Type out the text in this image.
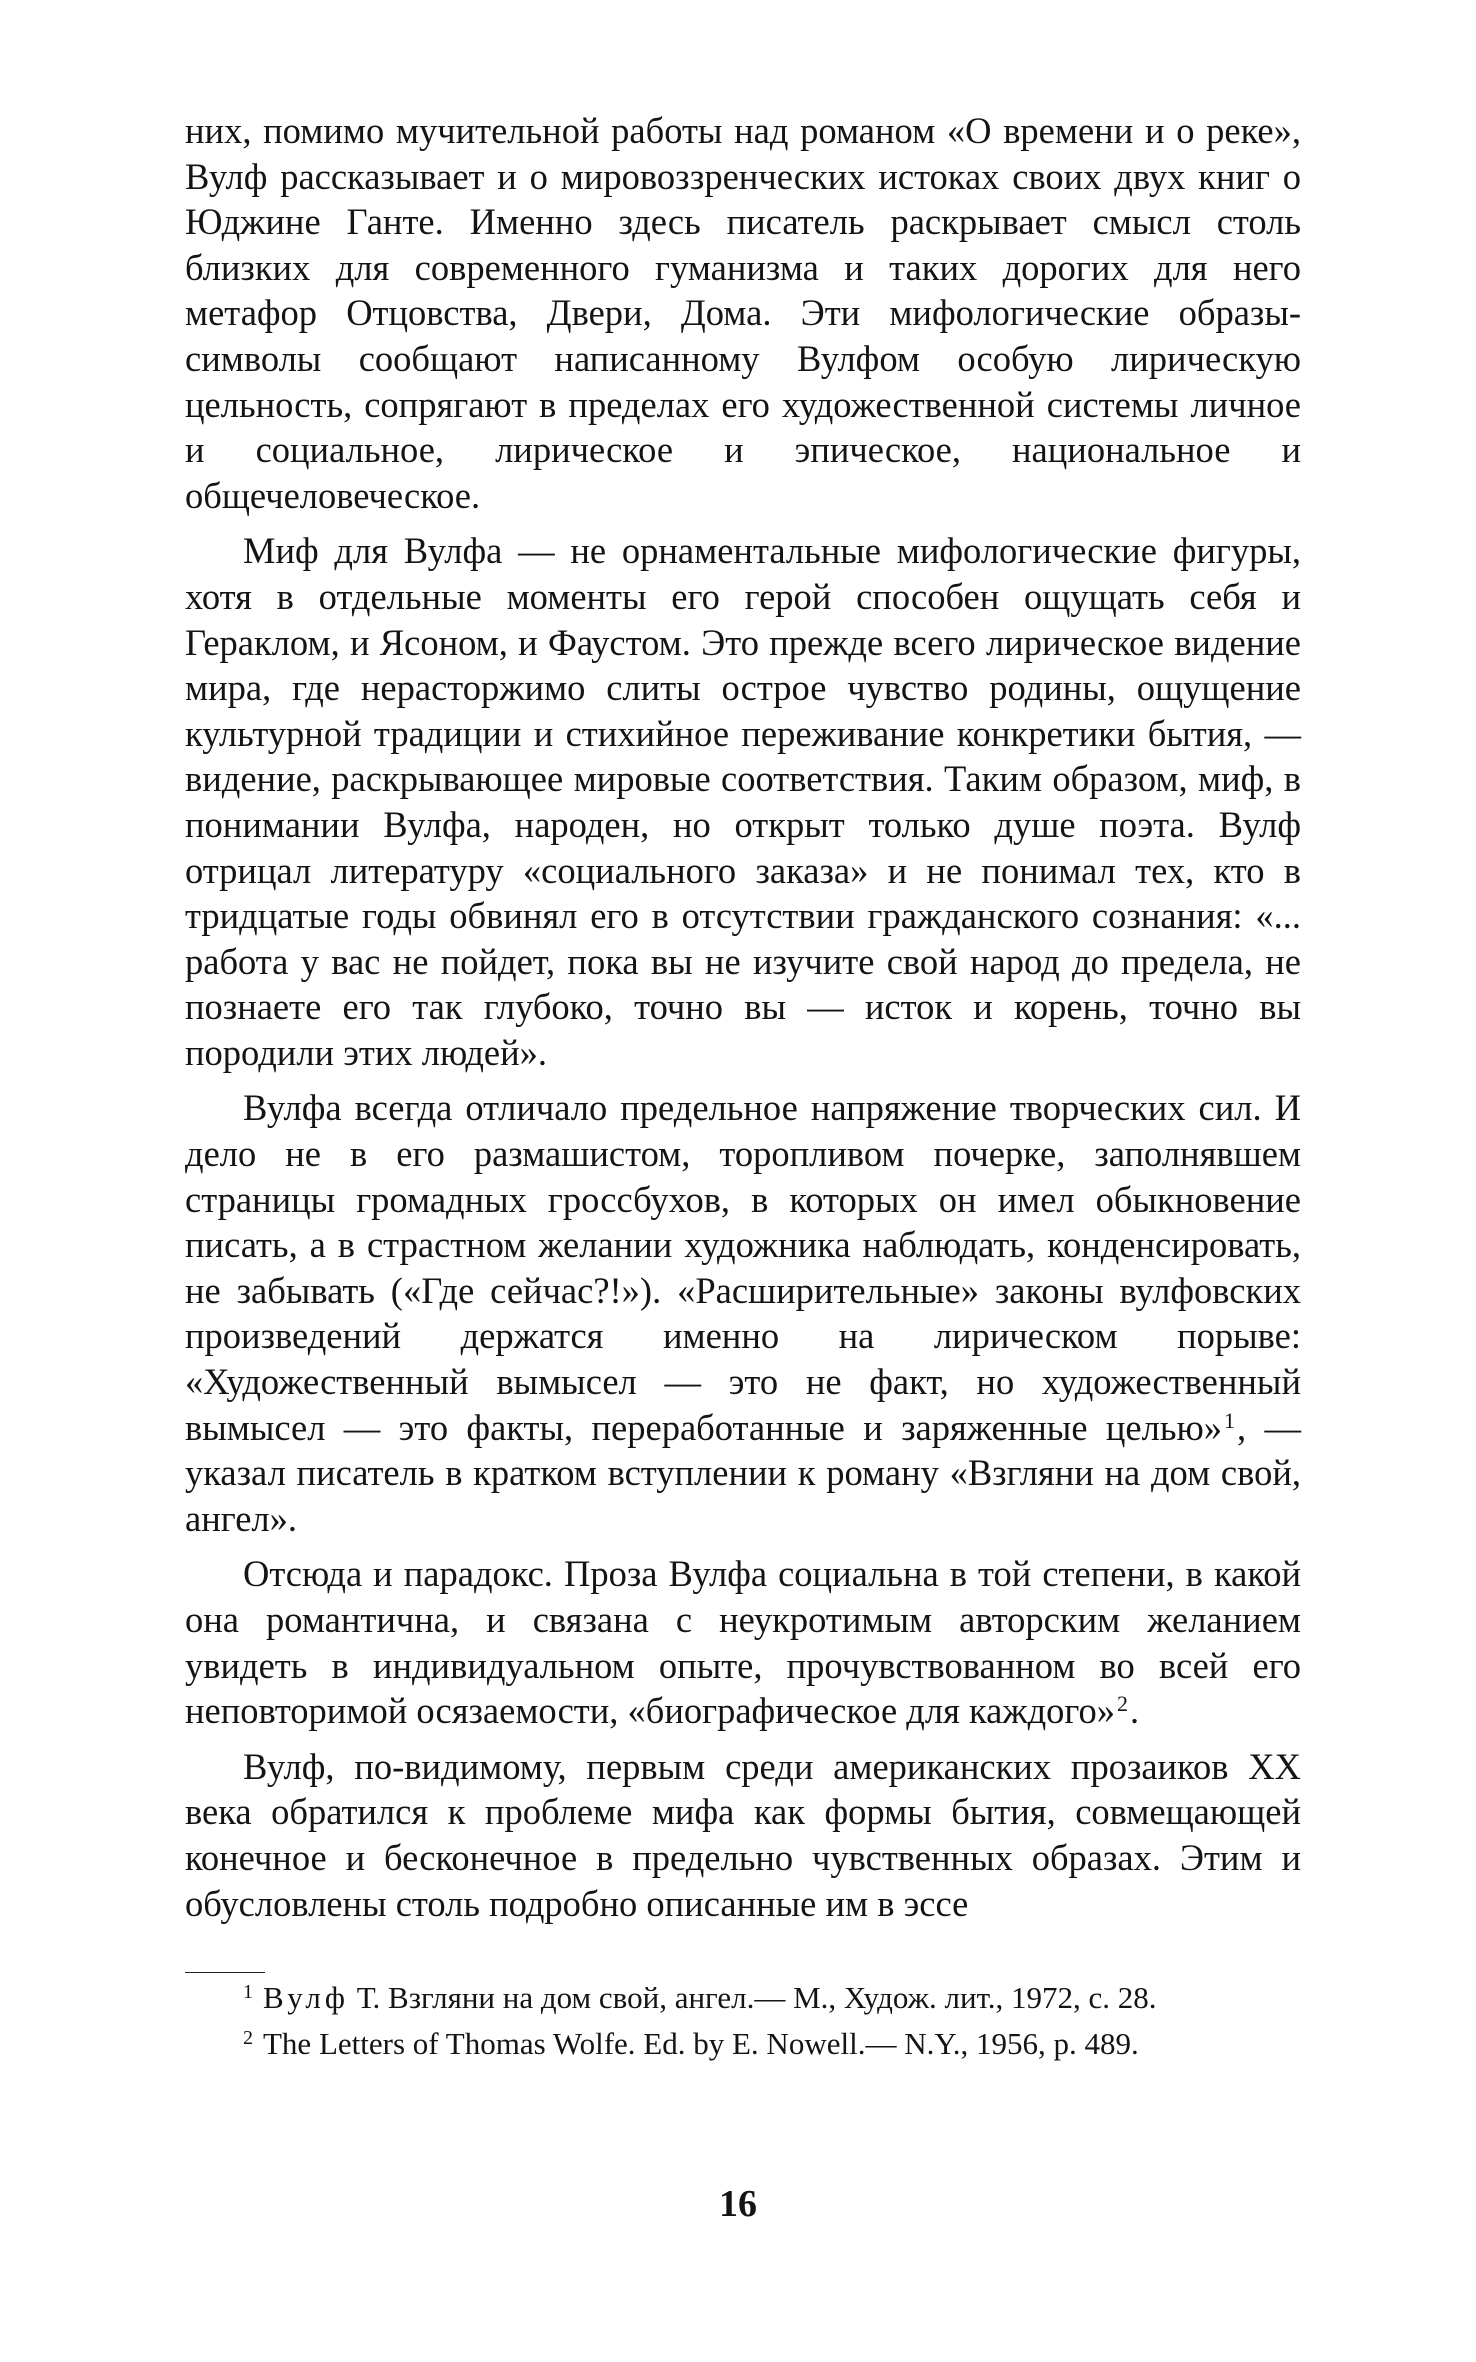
них, помимо мучительной работы над романом «О времени и о реке», Вулф рассказывает и о мировоззренческих истоках своих двух книг о Юджине Ганте. Именно здесь писатель раскрывает смысл столь близких для современного гуманизма и таких дорогих для него метафор Отцовства, Двери, Дома. Эти мифологические образы-символы сообщают написанному Вулфом особую лирическую цельность, сопрягают в пределах его художественной системы личное и социальное, лирическое и эпическое, национальное и общечеловеческое.

Миф для Вулфа — не орнаментальные мифологические фигуры, хотя в отдельные моменты его герой способен ощущать себя и Гераклом, и Ясоном, и Фаустом. Это прежде всего лирическое видение мира, где нерасторжимо слиты острое чувство родины, ощущение культурной традиции и стихийное переживание конкретики бытия, — видение, раскрывающее мировые соответствия. Таким образом, миф, в понимании Вулфа, народен, но открыт только душе поэта. Вулф отрицал литературу «социального заказа» и не понимал тех, кто в тридцатые годы обвинял его в отсутствии гражданского сознания: «... работа у вас не пойдет, пока вы не изучите свой народ до предела, не познаете его так глубоко, точно вы — исток и корень, точно вы породили этих людей».

Вулфа всегда отличало предельное напряжение творческих сил. И дело не в его размашистом, торопливом почерке, заполнявшем страницы громадных гроссбухов, в которых он имел обыкновение писать, а в страстном желании художника наблюдать, конденсировать, не забывать («Где сейчас?!»). «Расширительные» законы вулфовских произведений держатся именно на лирическом порыве: «Художественный вымысел — это не факт, но художественный вымысел — это факты, переработанные и заряженные целью»$^1$, — указал писатель в кратком вступлении к роману «Взгляни на дом свой, ангел».

Отсюда и парадокс. Проза Вулфа социальна в той степени, в какой она романтична, и связана с неукротимым авторским желанием увидеть в индивидуальном опыте, прочувствованном во всей его неповторимой осязаемости, «биографическое для каждого»$^2$.

Вулф, по-видимому, первым среди американских прозаиков XX века обратился к проблеме мифа как формы бытия, совмещающей конечное и бесконечное в предельно чувственных образах. Этим и обусловлены столь подробно описанные им в эссе

$^1$ Вулф Т. Взгляни на дом свой, ангел.— М., Худож. лит., 1972, с. 28.

$^2$ The Letters of Thomas Wolfe. Ed. by E. Nowell.— N.Y., 1956, p. 489.

16
